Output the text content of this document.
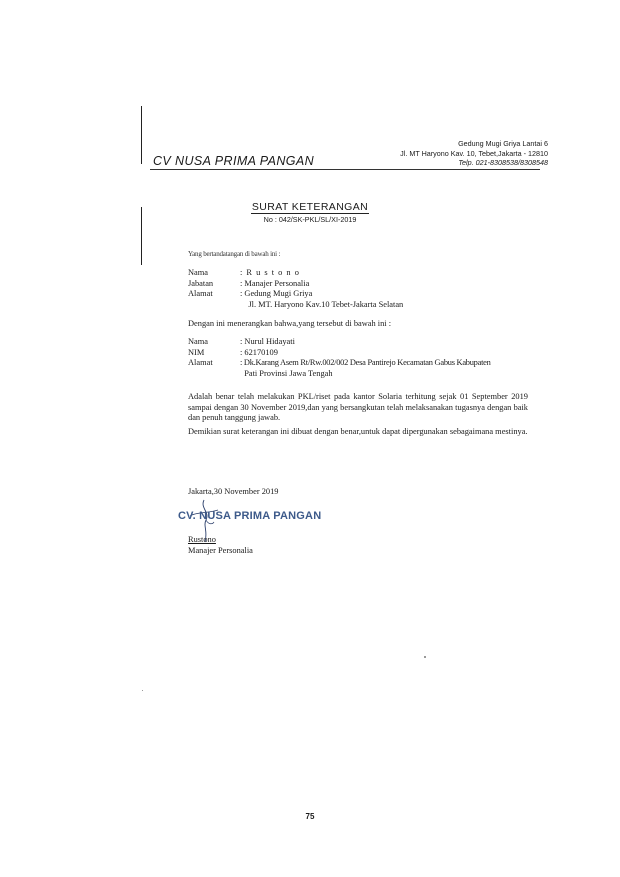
Gedung Mugi Griya Lantai 6
Jl. MT Haryono Kav. 10, Tebet,Jakarta - 12810
Telp. 021-8308538/8308548
CV NUSA PRIMA PANGAN
SURAT KETERANGAN
No : 042/SK-PKL/SL/XI-2019
Yang bertandatangan di bawah ini :
Nama	: R u s t o n o
Jabatan	: Manajer Personalia
Alamat	: Gedung Mugi Griya
	Jl. MT. Haryono Kav.10 Tebet-Jakarta Selatan
Dengan ini menerangkan bahwa,yang tersebut di bawah ini :
Nama	: Nurul Hidayati
NIM	: 62170109
Alamat	: Dk.Karang Asem Rt/Rw.002/002 Desa Pantirejo Kecamatan Gabus Kabupaten
	Pati Provinsi Jawa Tengah
Adalah benar telah melakukan PKL/riset pada kantor Solaria terhitung sejak 01 September 2019 sampai dengan 30 November 2019,dan yang bersangkutan telah melaksanakan tugasnya dengan baik dan penuh tanggung jawab.
Demikian surat keterangan ini dibuat dengan benar,untuk dapat dipergunakan sebagaimana mestinya.
Jakarta,30 November 2019
CV. NUSA PRIMA PANGAN
Rustono
Manajer Personalia
75
